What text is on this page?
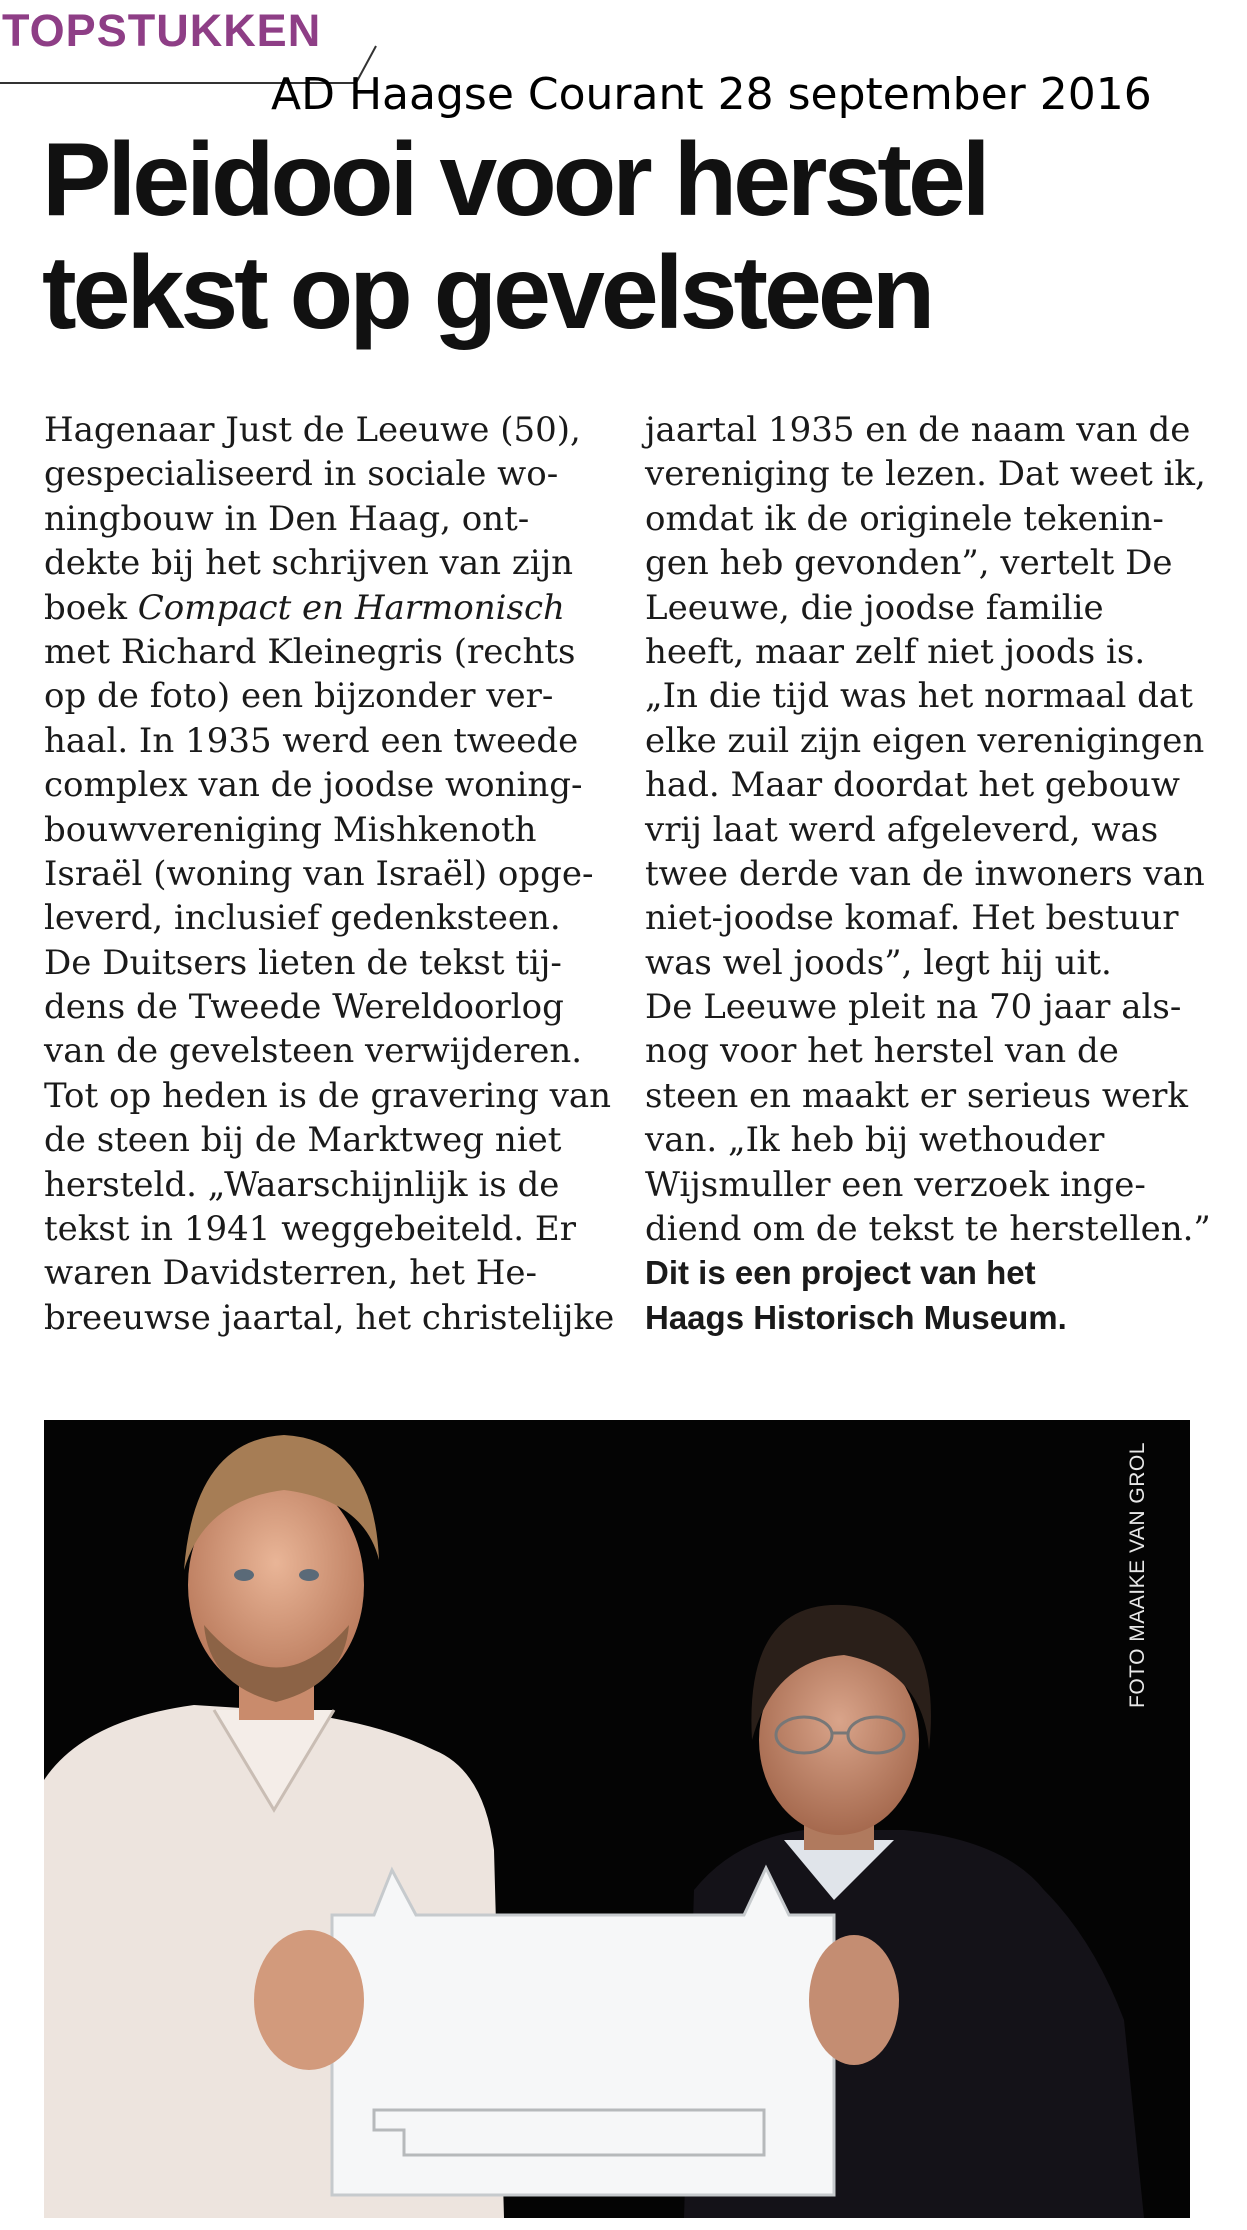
TOPSTUKKEN
AD Haagse Courant 28 september 2016
Pleidooi voor herstel
tekst op gevelsteen
Hagenaar Just de Leeuwe (50),
gespecialiseerd in sociale wo-
ningbouw in Den Haag, ont-
dekte bij het schrijven van zijn
boek Compact en Harmonisch
met Richard Kleinegris (rechts
op de foto) een bijzonder ver-
haal. In 1935 werd een tweede
complex van de joodse woning-
bouwvereniging Mishkenoth
Israël (woning van Israël) opge-
leverd, inclusief gedenksteen.
De Duitsers lieten de tekst tij-
dens de Tweede Wereldoorlog
van de gevelsteen verwijderen.
Tot op heden is de gravering van
de steen bij de Marktweg niet
hersteld. „Waarschijnlijk is de
tekst in 1941 weggebeiteld. Er
waren Davidsterren, het He-
breeuwse jaartal, het christelijke
jaartal 1935 en de naam van de
vereniging te lezen. Dat weet ik,
omdat ik de originele tekenin-
gen heb gevonden”, vertelt De
Leeuwe, die joodse familie
heeft, maar zelf niet joods is.
„In die tijd was het normaal dat
elke zuil zijn eigen verenigingen
had. Maar doordat het gebouw
vrij laat werd afgeleverd, was
twee derde van de inwoners van
niet-joodse komaf. Het bestuur
was wel joods”, legt hij uit.
De Leeuwe pleit na 70 jaar als-
nog voor het herstel van de
steen en maakt er serieus werk
van. „Ik heb bij wethouder
Wijsmuller een verzoek inge-
diend om de tekst te herstellen.”
Dit is een project van het
Haags Historisch Museum.
FOTO MAAIKE VAN GROL
